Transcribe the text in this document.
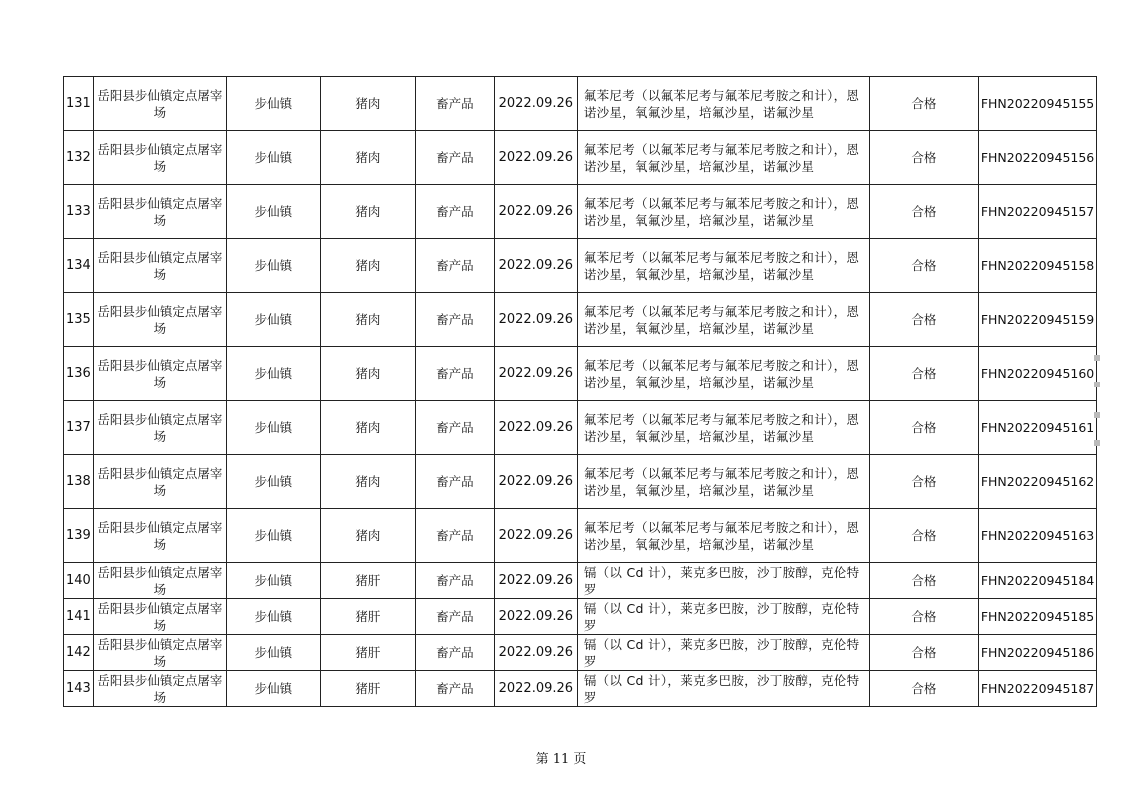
131	岳阳县步仙镇定点屠宰场	步仙镇	猪肉	畜产品	2022.09.26	氟苯尼考（以氟苯尼考与氟苯尼考胺之和计），恩诺沙星，氧氟沙星，培氟沙星，诺氟沙星	合格	FHN20220945155
132	岳阳县步仙镇定点屠宰场	步仙镇	猪肉	畜产品	2022.09.26	氟苯尼考（以氟苯尼考与氟苯尼考胺之和计），恩诺沙星，氧氟沙星，培氟沙星，诺氟沙星	合格	FHN20220945156
133	岳阳县步仙镇定点屠宰场	步仙镇	猪肉	畜产品	2022.09.26	氟苯尼考（以氟苯尼考与氟苯尼考胺之和计），恩诺沙星，氧氟沙星，培氟沙星，诺氟沙星	合格	FHN20220945157
134	岳阳县步仙镇定点屠宰场	步仙镇	猪肉	畜产品	2022.09.26	氟苯尼考（以氟苯尼考与氟苯尼考胺之和计），恩诺沙星，氧氟沙星，培氟沙星，诺氟沙星	合格	FHN20220945158
135	岳阳县步仙镇定点屠宰场	步仙镇	猪肉	畜产品	2022.09.26	氟苯尼考（以氟苯尼考与氟苯尼考胺之和计），恩诺沙星，氧氟沙星，培氟沙星，诺氟沙星	合格	FHN20220945159
136	岳阳县步仙镇定点屠宰场	步仙镇	猪肉	畜产品	2022.09.26	氟苯尼考（以氟苯尼考与氟苯尼考胺之和计），恩诺沙星，氧氟沙星，培氟沙星，诺氟沙星	合格	FHN20220945160
137	岳阳县步仙镇定点屠宰场	步仙镇	猪肉	畜产品	2022.09.26	氟苯尼考（以氟苯尼考与氟苯尼考胺之和计），恩诺沙星，氧氟沙星，培氟沙星，诺氟沙星	合格	FHN20220945161
138	岳阳县步仙镇定点屠宰场	步仙镇	猪肉	畜产品	2022.09.26	氟苯尼考（以氟苯尼考与氟苯尼考胺之和计），恩诺沙星，氧氟沙星，培氟沙星，诺氟沙星	合格	FHN20220945162
139	岳阳县步仙镇定点屠宰场	步仙镇	猪肉	畜产品	2022.09.26	氟苯尼考（以氟苯尼考与氟苯尼考胺之和计），恩诺沙星，氧氟沙星，培氟沙星，诺氟沙星	合格	FHN20220945163
140	岳阳县步仙镇定点屠宰场	步仙镇	猪肝	畜产品	2022.09.26	镉（以 Cd 计），莱克多巴胺，沙丁胺醇，克伦特罗	合格	FHN20220945184
141	岳阳县步仙镇定点屠宰场	步仙镇	猪肝	畜产品	2022.09.26	镉（以 Cd 计），莱克多巴胺，沙丁胺醇，克伦特罗	合格	FHN20220945185
142	岳阳县步仙镇定点屠宰场	步仙镇	猪肝	畜产品	2022.09.26	镉（以 Cd 计），莱克多巴胺，沙丁胺醇，克伦特罗	合格	FHN20220945186
143	岳阳县步仙镇定点屠宰场	步仙镇	猪肝	畜产品	2022.09.26	镉（以 Cd 计），莱克多巴胺，沙丁胺醇，克伦特罗	合格	FHN20220945187
第 11 页
